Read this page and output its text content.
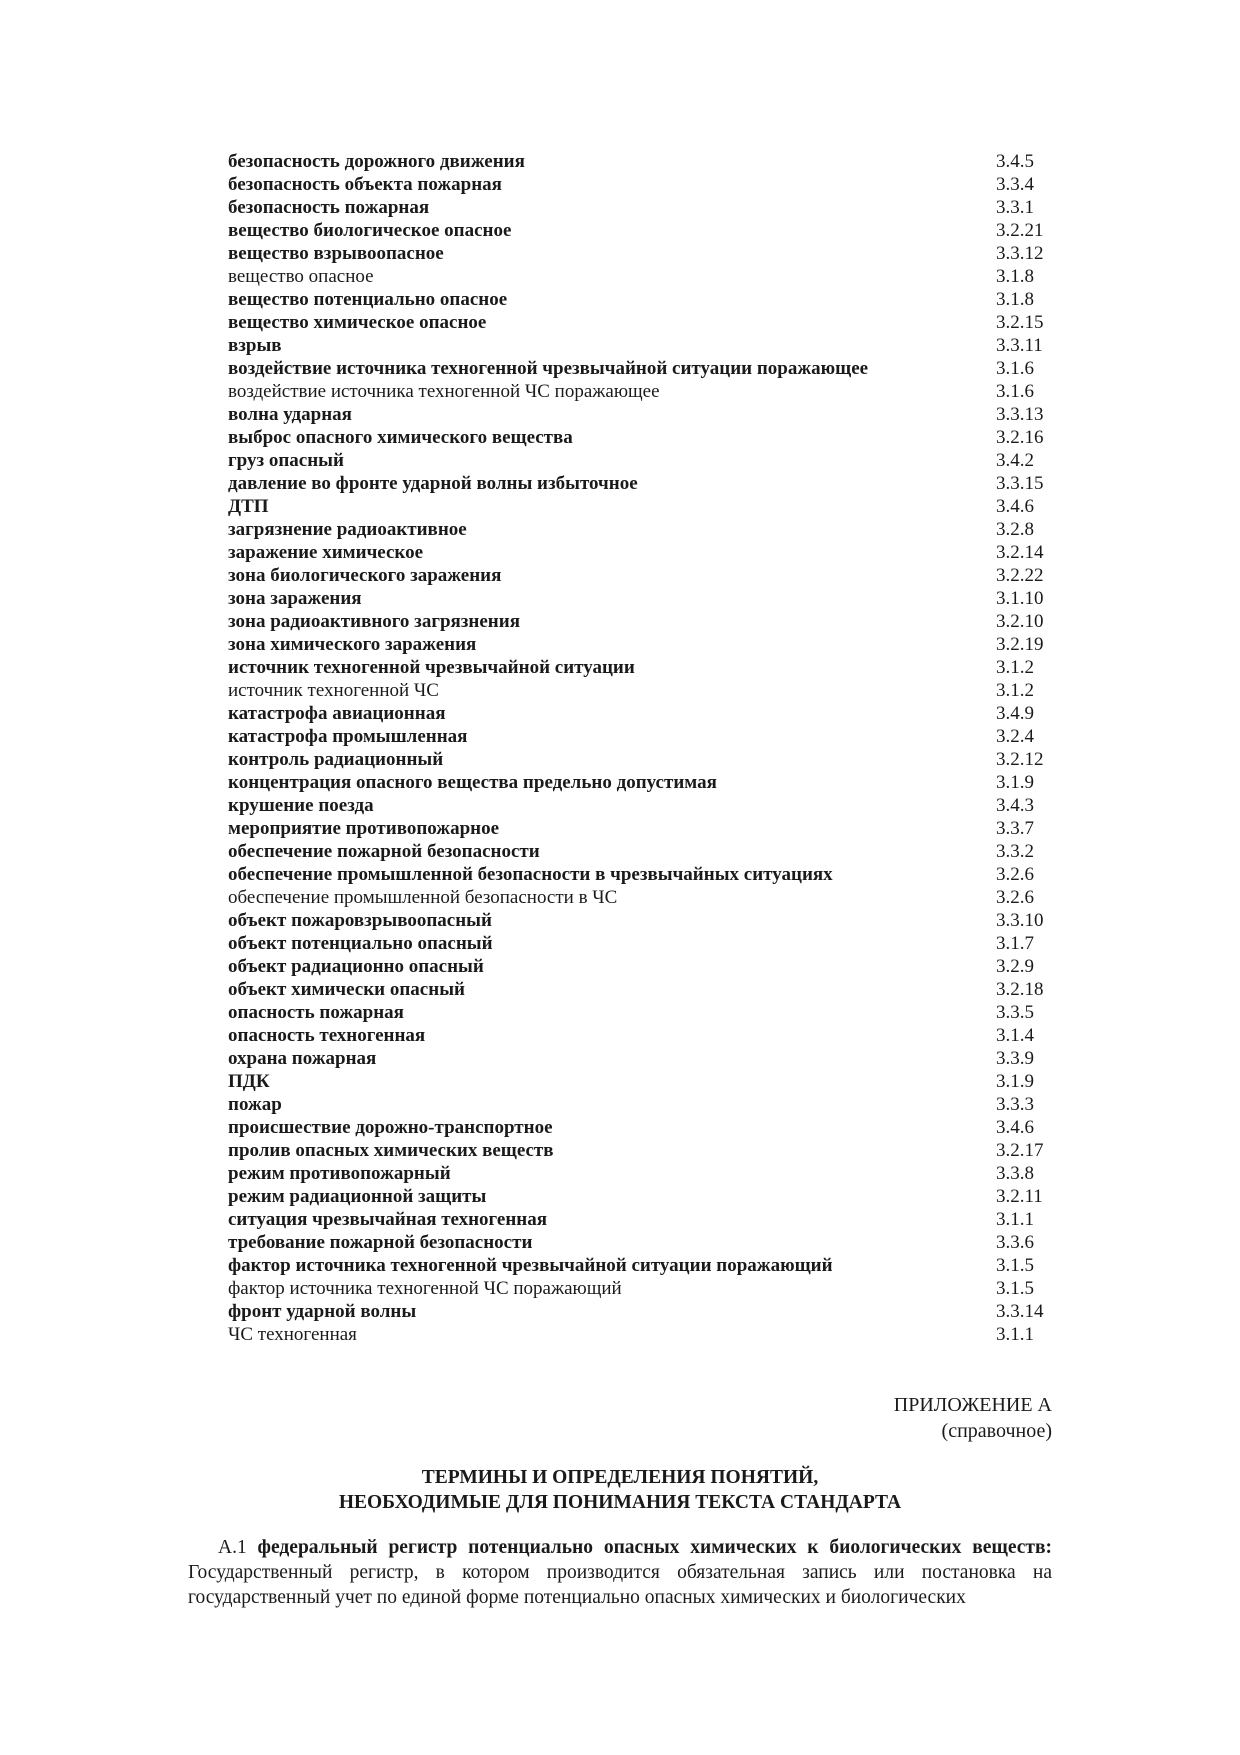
безопасность дорожного движения	3.4.5
безопасность объекта пожарная	3.3.4
безопасность пожарная	3.3.1
вещество биологическое опасное	3.2.21
вещество взрывоопасное	3.3.12
вещество опасное	3.1.8
вещество потенциально опасное	3.1.8
вещество химическое опасное	3.2.15
взрыв	3.3.11
воздействие источника техногенной чрезвычайной ситуации поражающее	3.1.6
воздействие источника техногенной ЧС поражающее	3.1.6
волна ударная	3.3.13
выброс опасного химического вещества	3.2.16
груз опасный	3.4.2
давление во фронте ударной волны избыточное	3.3.15
ДТП	3.4.6
загрязнение радиоактивное	3.2.8
заражение химическое	3.2.14
зона биологического заражения	3.2.22
зона заражения	3.1.10
зона радиоактивного загрязнения	3.2.10
зона химического заражения	3.2.19
источник техногенной чрезвычайной ситуации	3.1.2
источник техногенной ЧС	3.1.2
катастрофа авиационная	3.4.9
катастрофа промышленная	3.2.4
контроль радиационный	3.2.12
концентрация опасного вещества предельно допустимая	3.1.9
крушение поезда	3.4.3
мероприятие противопожарное	3.3.7
обеспечение пожарной безопасности	3.3.2
обеспечение промышленной безопасности в чрезвычайных ситуациях	3.2.6
обеспечение промышленной безопасности в ЧС	3.2.6
объект пожаровзрывоопасный	3.3.10
объект потенциально опасный	3.1.7
объект радиационно опасный	3.2.9
объект химически опасный	3.2.18
опасность пожарная	3.3.5
опасность техногенная	3.1.4
охрана пожарная	3.3.9
ПДК	3.1.9
пожар	3.3.3
происшествие дорожно-транспортное	3.4.6
пролив опасных химических веществ	3.2.17
режим противопожарный	3.3.8
режим радиационной защиты	3.2.11
ситуация чрезвычайная техногенная	3.1.1
требование пожарной безопасности	3.3.6
фактор источника техногенной чрезвычайной ситуации поражающий	3.1.5
фактор источника техногенной ЧС поражающий	3.1.5
фронт ударной волны	3.3.14
ЧС техногенная	3.1.1
ПРИЛОЖЕНИЕ А
(справочное)
ТЕРМИНЫ И ОПРЕДЕЛЕНИЯ ПОНЯТИЙ,
НЕОБХОДИМЫЕ ДЛЯ ПОНИМАНИЯ ТЕКСТА СТАНДАРТА
А.1 федеральный регистр потенциально опасных химических к биологических веществ: Государственный регистр, в котором производится обязательная запись или постановка на государственный учет по единой форме потенциально опасных химических и биологических
